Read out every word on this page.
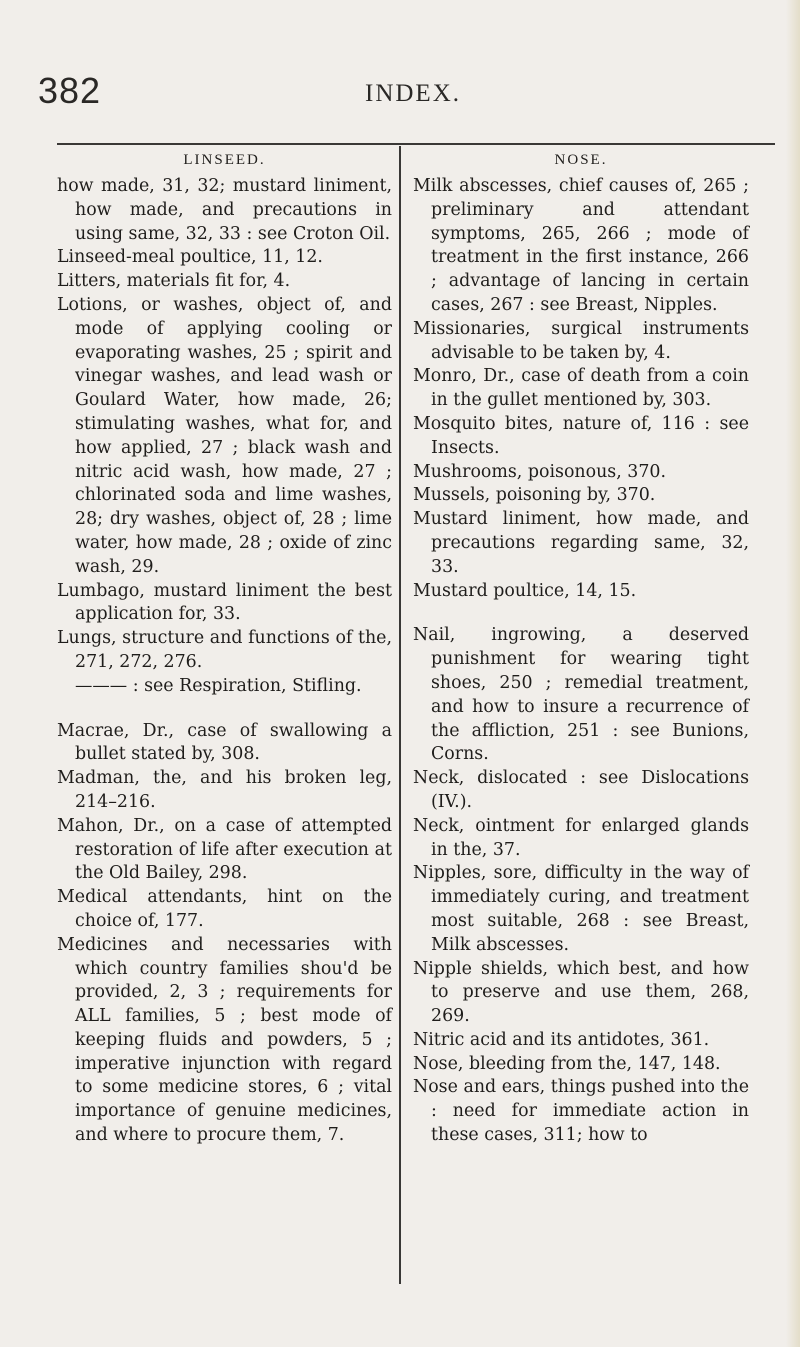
382	INDEX.
LINSEED.

how made, 31, 32; mustard liniment, how made, and precautions in using same, 32, 33 : see Croton Oil.

Linseed-meal poultice, 11, 12.

Litters, materials fit for, 4.

Lotions, or washes, object of, and mode of applying cooling or evaporating washes, 25 ; spirit and vinegar washes, and lead wash or Goulard Water, how made, 26; stimulating washes, what for, and how applied, 27 ; black wash and nitric acid wash, how made, 27 ; chlorinated soda and lime washes, 28; dry washes, object of, 28 ; lime water, how made, 28 ; oxide of zinc wash, 29.

Lumbago, mustard liniment the best application for, 33.

Lungs, structure and functions of the, 271, 272, 276.

——— : see Respiration, Stifling.

Macrae, Dr., case of swallowing a bullet stated by, 308.

Madman, the, and his broken leg, 214–216.

Mahon, Dr., on a case of attempted restoration of life after execution at the Old Bailey, 298.

Medical attendants, hint on the choice of, 177.

Medicines and necessaries with which country families shou'd be provided, 2, 3 ; requirements for ALL families, 5 ; best mode of keeping fluids and powders, 5 ; imperative injunction with regard to some medicine stores, 6 ; vital importance of genuine medicines, and where to procure them, 7.

NOSE.

Milk abscesses, chief causes of, 265 ; preliminary and attendant symptoms, 265, 266 ; mode of treatment in the first instance, 266 ; advantage of lancing in certain cases, 267 : see Breast, Nipples.

Missionaries, surgical instruments advisable to be taken by, 4.

Monro, Dr., case of death from a coin in the gullet mentioned by, 303.

Mosquito bites, nature of, 116 : see Insects.

Mushrooms, poisonous, 370.

Mussels, poisoning by, 370.

Mustard liniment, how made, and precautions regarding same, 32, 33.

Mustard poultice, 14, 15.

Nail, ingrowing, a deserved punishment for wearing tight shoes, 250 ; remedial treatment, and how to insure a recurrence of the affliction, 251 : see Bunions, Corns.

Neck, dislocated : see Dislocations (IV.).

Neck, ointment for enlarged glands in the, 37.

Nipples, sore, difficulty in the way of immediately curing, and treatment most suitable, 268 : see Breast, Milk abscesses.

Nipple shields, which best, and how to preserve and use them, 268, 269.

Nitric acid and its antidotes, 361.

Nose, bleeding from the, 147, 148.

Nose and ears, things pushed into the : need for immediate action in these cases, 311; how to
